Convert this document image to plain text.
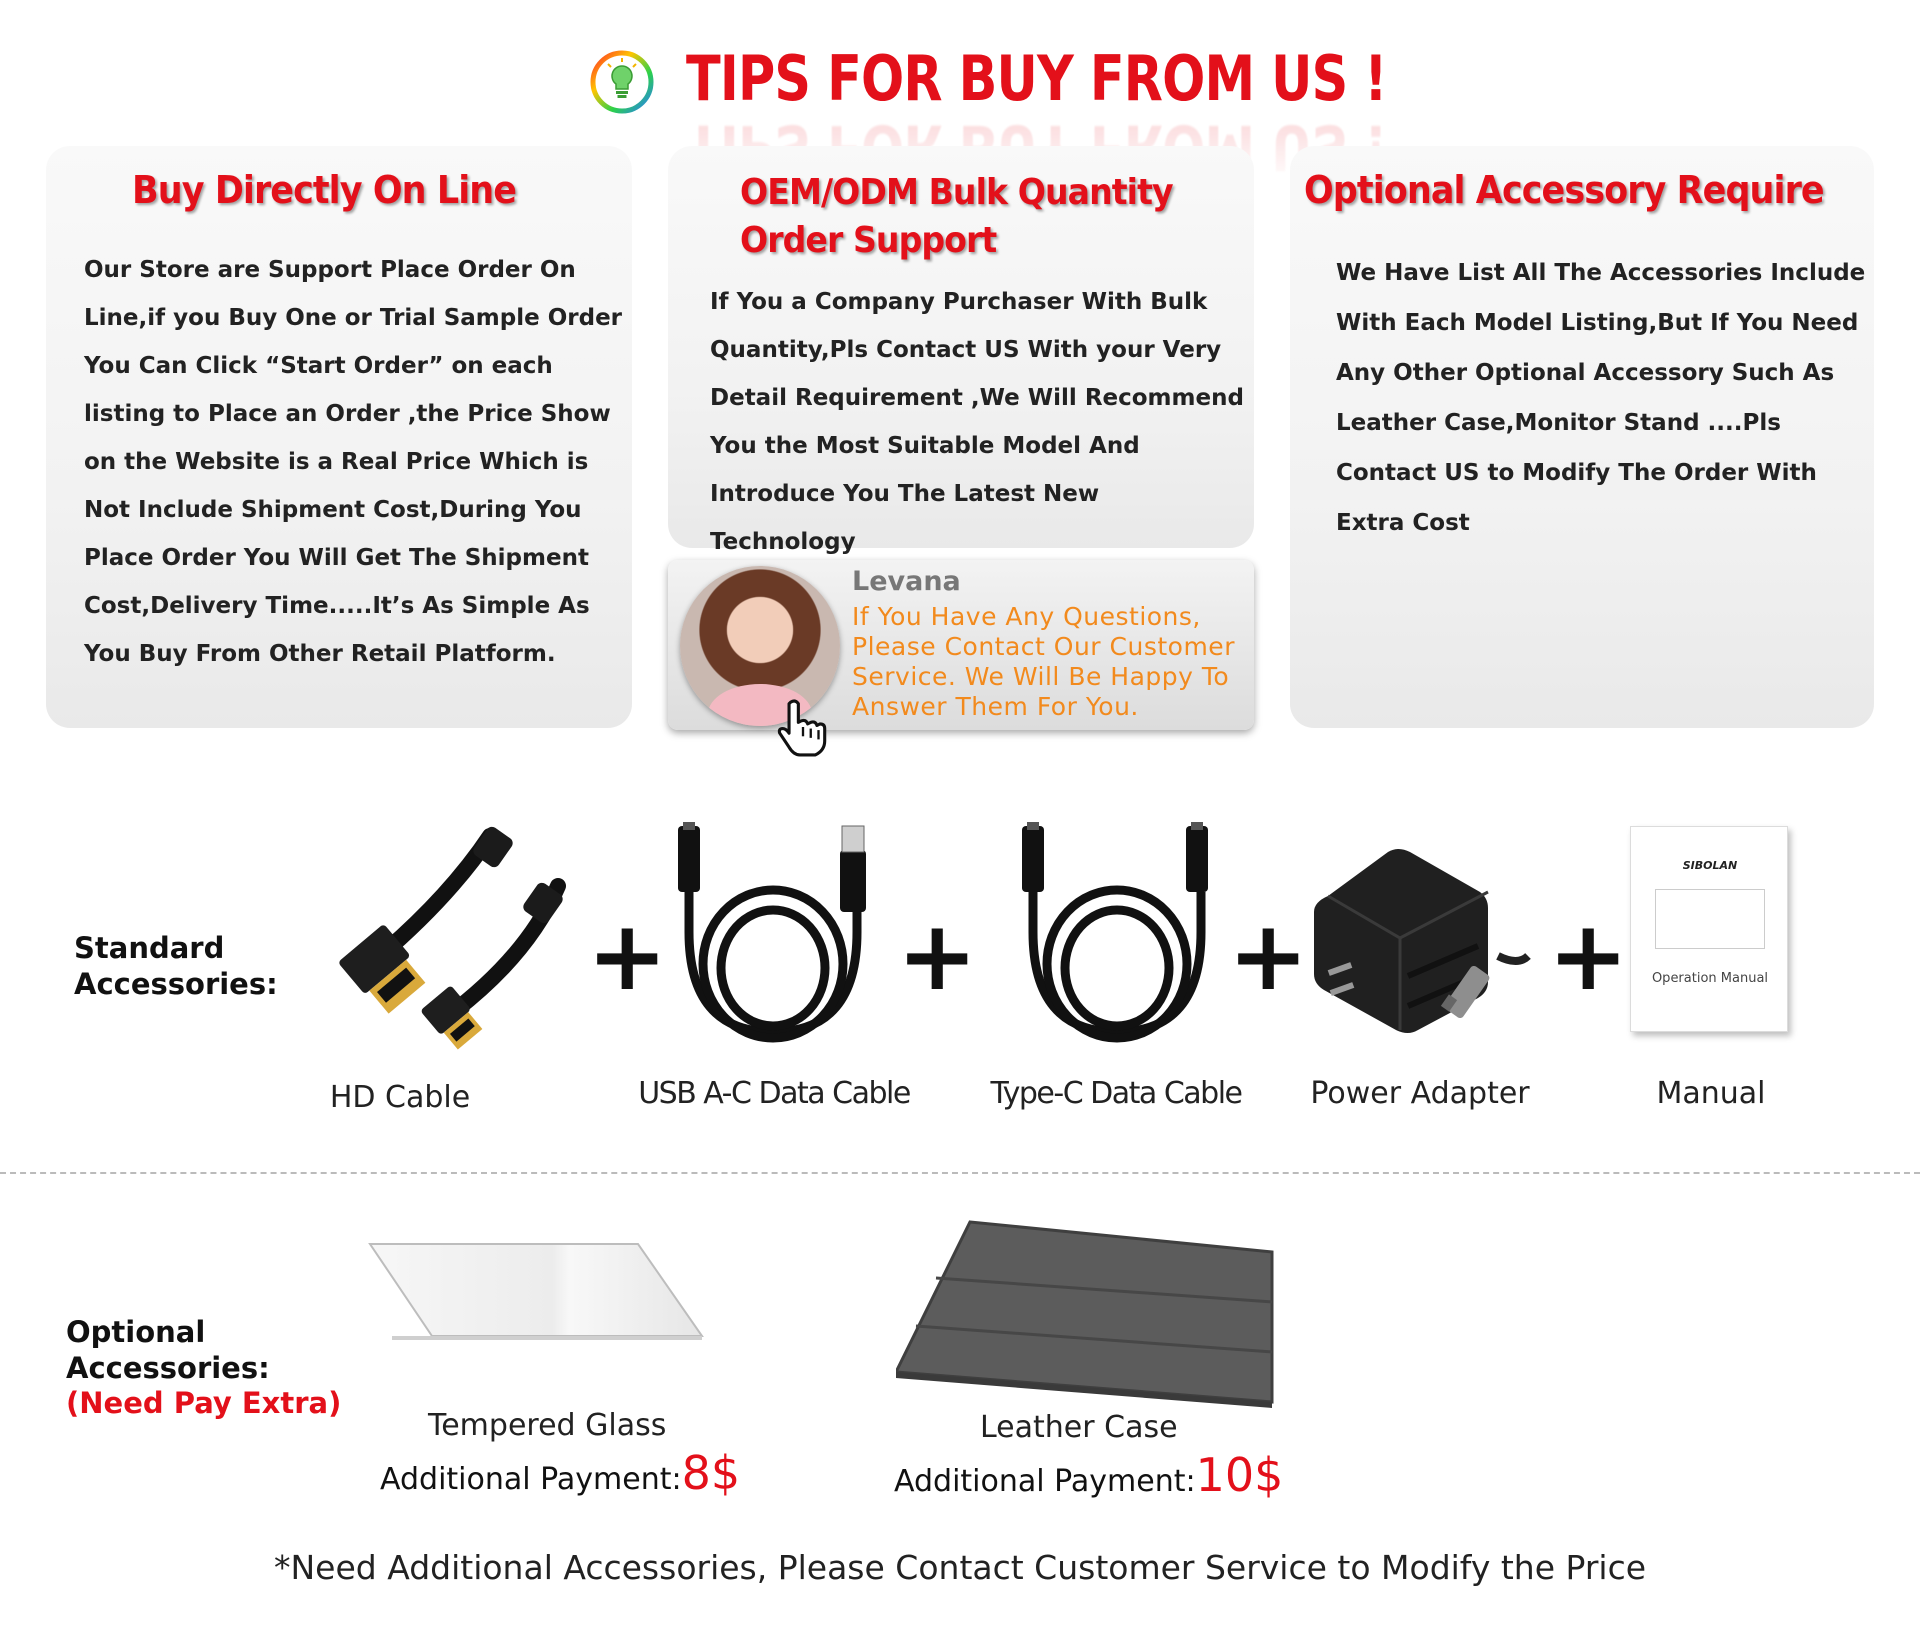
TIPS FOR BUY FROM US !
Buy Directly On Line
Our Store are Support Place Order On
Line,if you Buy One or Trial Sample Order
You Can Click “Start Order” on each
listing to Place an Order ,the Price Show
on the Website is a Real Price Which is
Not Include Shipment Cost,During You
Place Order You Will Get The Shipment
Cost,Delivery Time.....It’s As Simple As
You Buy From Other Retail Platform.
OEM/ODM Bulk Quantity
Order Support
If You a Company Purchaser With Bulk
Quantity,Pls Contact US With your Very
Detail Requirement ,We Will Recommend
You the Most Suitable Model And
Introduce You The Latest New Technology
Levana
If You Have Any Questions,
Please Contact Our Customer
Service. We Will Be Happy To
Answer Them For You.
Optional Accessory Require
We Have List All The Accessories Include
With Each Model Listing,But If You Need
Any Other Optional Accessory Such As
Leather Case,Monitor Stand ....Pls
Contact US to Modify The Order With
Extra Cost
Standard
Accessories:	+ +	+ +
SIBOLAN
Operation Manual
HD Cable	USB A-C Data Cable	Type-C Data Cable	Power Adapter	Manual
Optional
Accessories:
(Need Pay Extra)
Tempered Glass
Additional Payment:8$
Leather Case
Additional Payment:10$
*Need Additional Accessories, Please Contact Customer Service to Modify the Price
